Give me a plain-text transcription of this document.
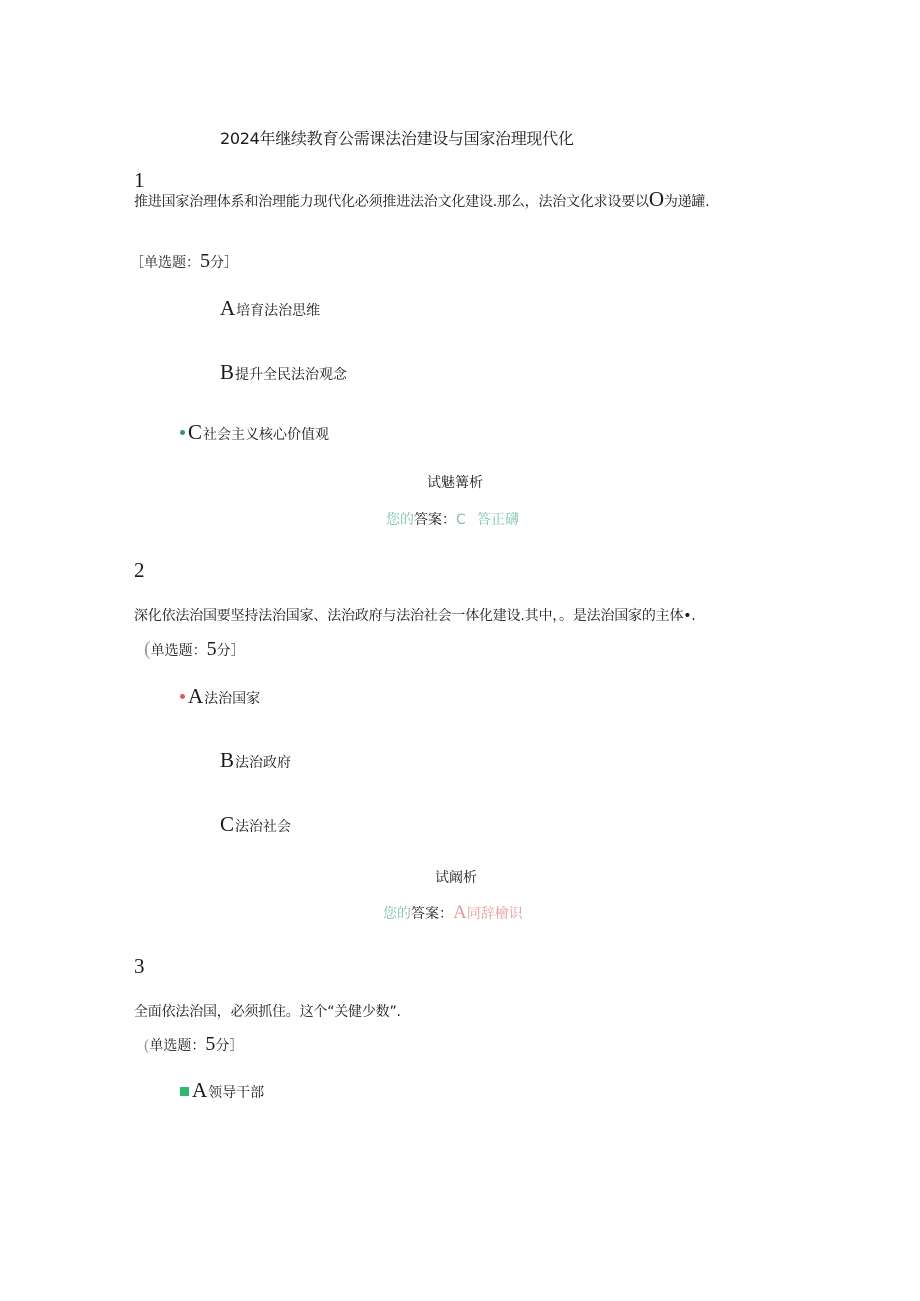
2024年继续教育公需课法治建设与国家治理现代化
1
推进国家治理体系和治理能力现代化必须推进法治文化建设.那么，法治文化求设要以O为递罐.
［单选题：5分］
A培育法治思维
B提升全民法治观念
C社会主义核心价值观
试魅篝析
您的答案：C答正礴
2
深化依法治国要坚持法治国家、法治政府与法治社会一体化建设.其中，。是法治国家的主体•.
(单选题：5分］
A法治国家
B法治政府
C法治社会
试阚析
您的答案：A同辞檜识
3
全面依法治国，必须抓住。这个“关健少数”.
(单选题：5分］
A领导干部
